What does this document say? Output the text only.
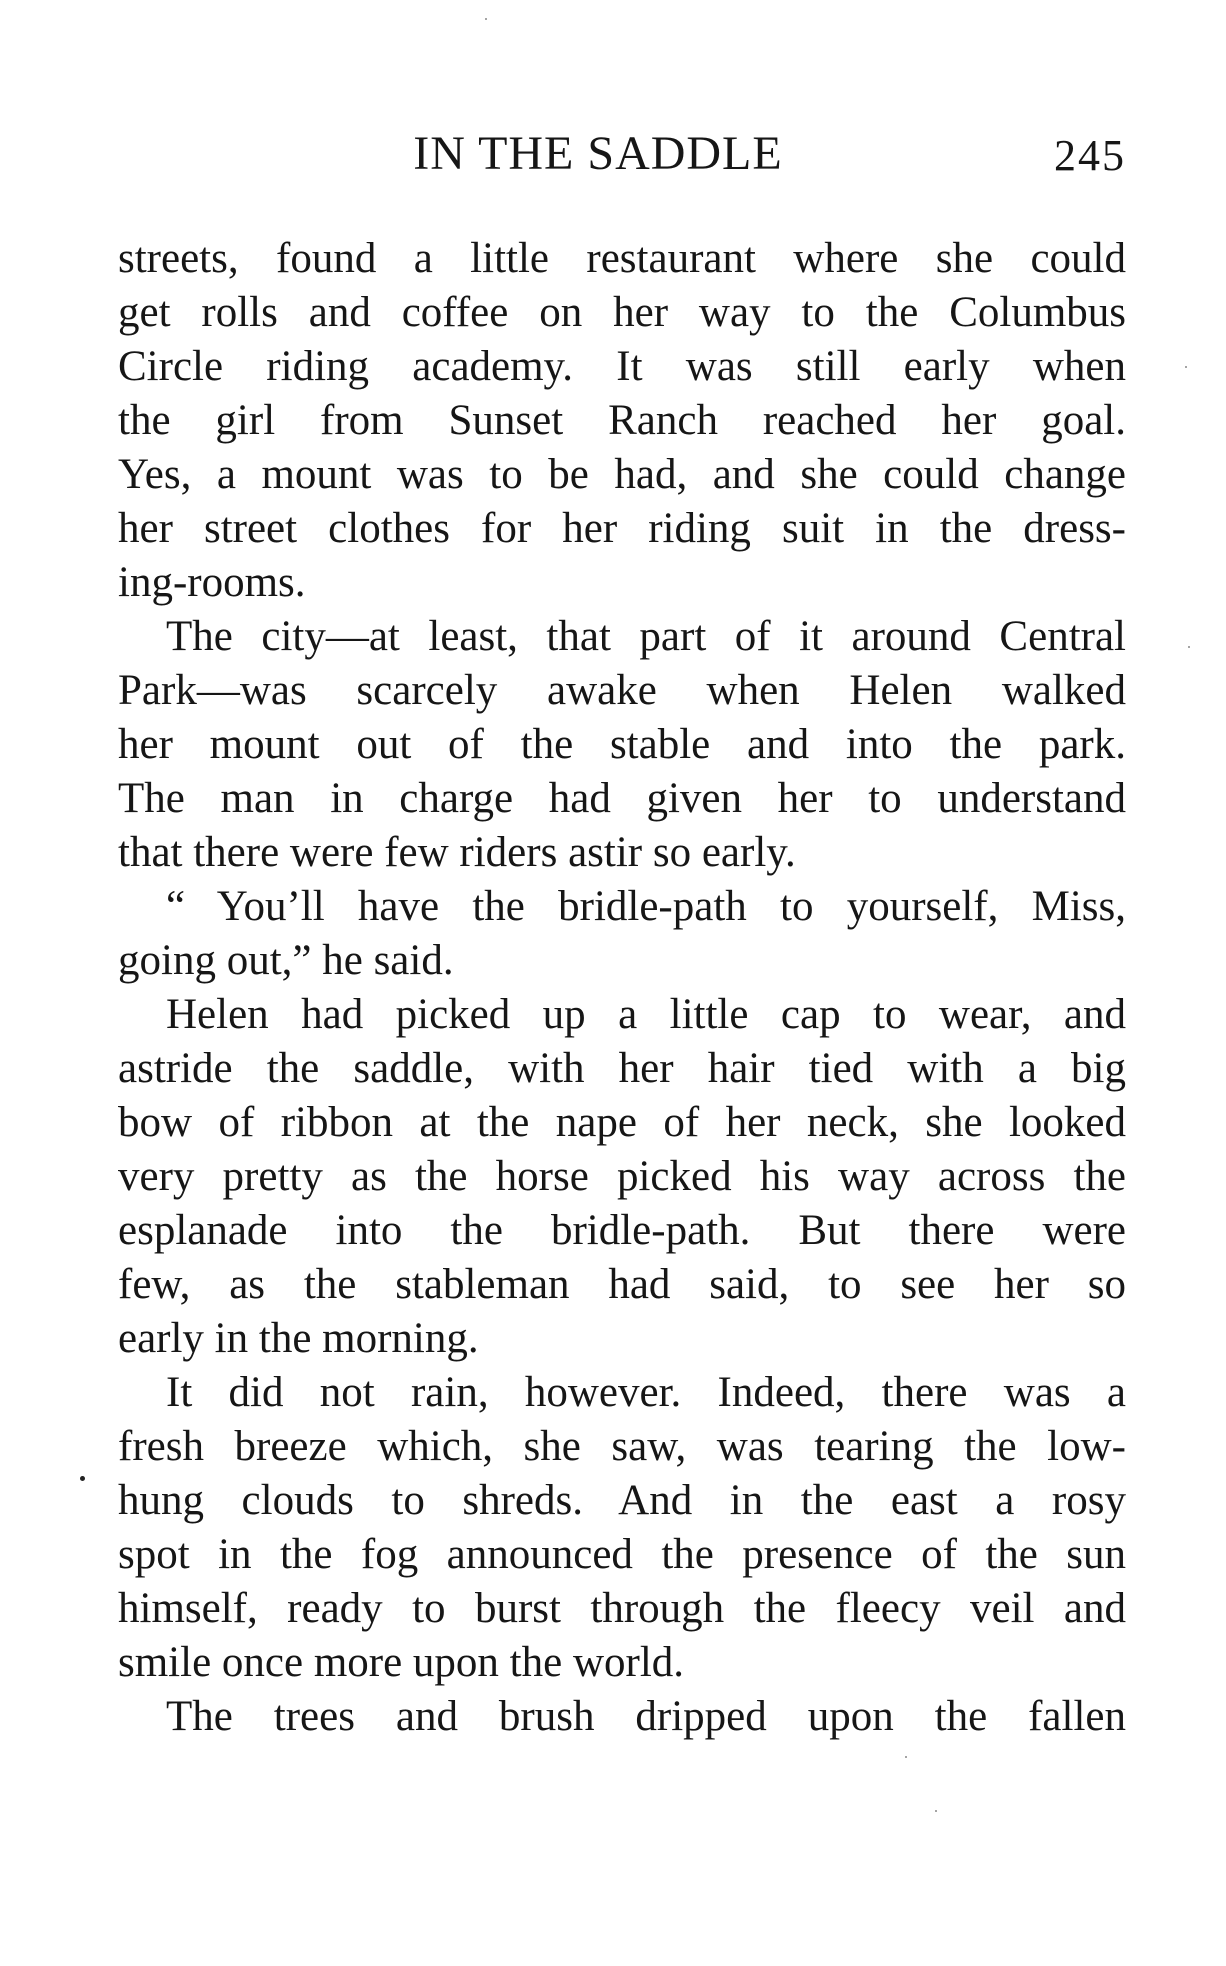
IN THE SADDLE	245
streets, found a little restaurant where she could
get rolls and coffee on her way to the Columbus
Circle riding academy. It was still early when
the girl from Sunset Ranch reached her goal.
Yes, a mount was to be had, and she could change
her street clothes for her riding suit in the dress-
ing-rooms.
The city—at least, that part of it around Central
Park—was scarcely awake when Helen walked
her mount out of the stable and into the park.
The man in charge had given her to understand
that there were few riders astir so early.
“ You’ll have the bridle-path to yourself, Miss,
going out,” he said.
Helen had picked up a little cap to wear, and
astride the saddle, with her hair tied with a big
bow of ribbon at the nape of her neck, she looked
very pretty as the horse picked his way across the
esplanade into the bridle-path. But there were
few, as the stableman had said, to see her so
early in the morning.
It did not rain, however. Indeed, there was a
fresh breeze which, she saw, was tearing the low-
hung clouds to shreds. And in the east a rosy
spot in the fog announced the presence of the sun
himself, ready to burst through the fleecy veil and
smile once more upon the world.
The trees and brush dripped upon the fallen
